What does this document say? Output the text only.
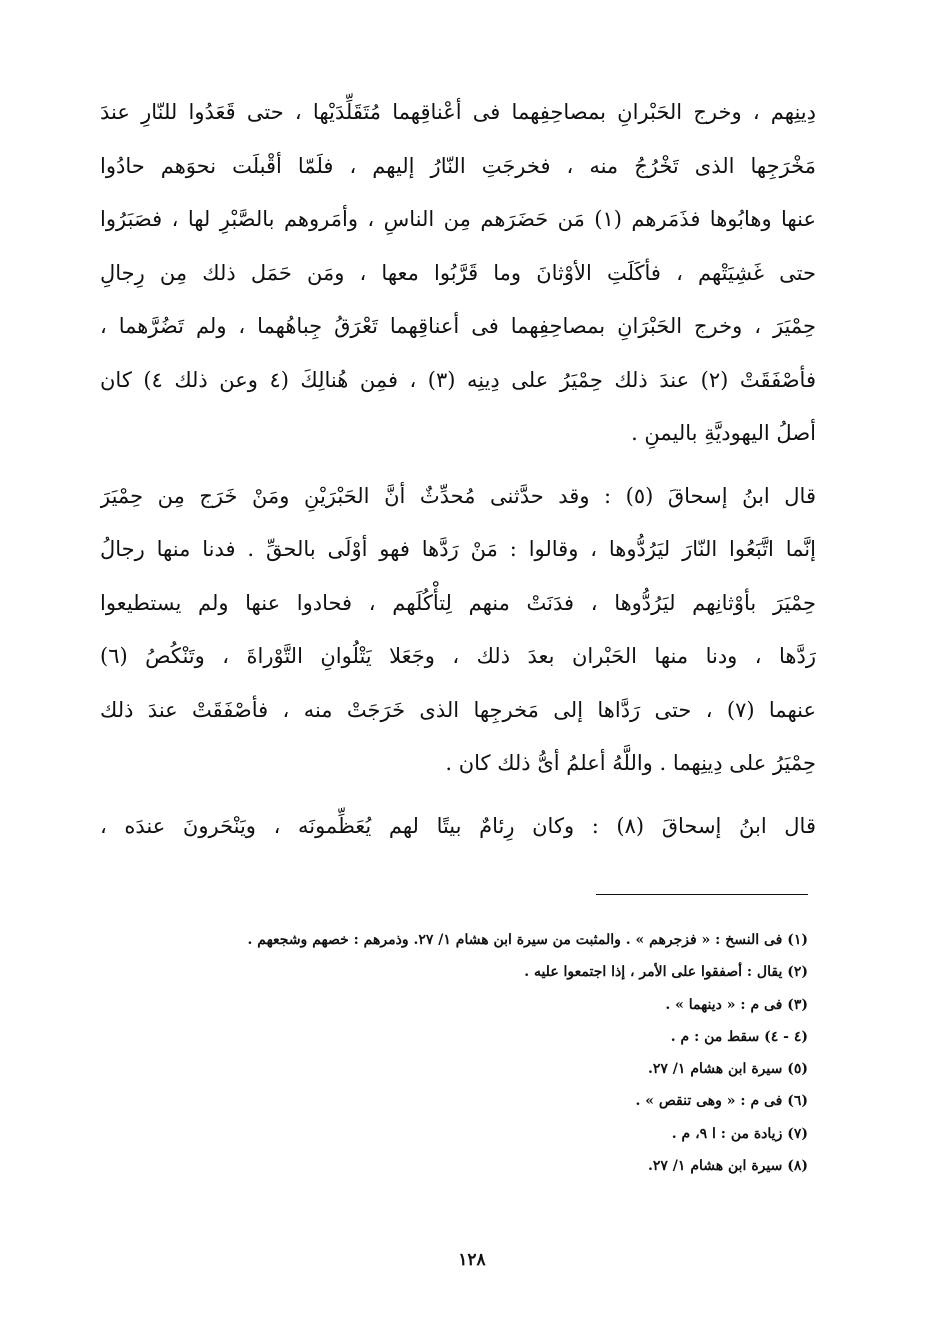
دِينِهم ، وخرج الحَبْرانِ بمصاحِفِهما فى أعْناقِهما مُتَقَلِّدَيْها ، حتى قَعَدُوا للنّارِ عندَ
مَخْرَجِها الذى تَخْرُجُ منه ، فخرجَتِ النّارُ إليهم ، فلَمّا أقْبلَت نحوَهم حادُوا
عنها وهابُوها فذَمَرهم (١) مَن حَضَرَهم مِن الناسِ ، وأمَروهم بالصَّبْرِ لها ، فصَبَرُوا
حتى غَشِيَتْهم ، فأكَلَتِ الأوْثانَ وما قَرَّبُوا معها ، ومَن حَمَل ذلك مِن رِجالِ
حِمْيَرَ ، وخرج الحَبْرَانِ بمصاحِفِهما فى أعناقِهما تَعْرَقُ جِباهُهما ، ولم تَضُرَّهما ،
فأصْفَقَتْ (٢) عندَ ذلك حِمْيَرُ على دِينِه (٣) ، فمِن هُنالِكَ (٤ وعن ذلك ٤) كان
أصلُ اليهوديَّةِ باليمنِ .
قال ابنُ إسحاقَ (٥) : وقد حدَّثنى مُحدِّثٌ أنَّ الحَبْرَيْنِ ومَنْ خَرَج مِن حِمْيَرَ
إنَّما اتَّبَعُوا النّارَ ليَرُدُّوها ، وقالوا : مَنْ رَدَّها فهو أوْلَى بالحقِّ . فدنا منها رجالُ
حِمْيَرَ بأوْثانِهم ليَرُدُّوها ، فدَنَتْ منهم لِتأْكُلَهم ، فحادوا عنها ولم يستطيعوا
رَدَّها ، ودنا منها الحَبْران بعدَ ذلك ، وجَعَلا يَتْلُوانِ التَّوْراةَ ، وتَنْكُصُ (٦)
عنهما (٧) ، حتى رَدَّاها إلى مَخرجِها الذى خَرَجَتْ منه ، فأصْفَقَتْ عندَ ذلك
حِمْيَرُ على دِينِهما . واللَّهُ أعلمُ أىُّ ذلك كان .
قال ابنُ إسحاقَ (٨) : وكان رِئامٌ بيتًا لهم يُعَظِّمونَه ، ويَنْحَرونَ عندَه ،
(١) فى النسخ : « فزجرهم » . والمثبت من سيرة ابن هشام ١/ ٢٧. وذمرهم : خصهم وشجعهم .
(٢) يقال : أصفقوا على الأمر ، إذا اجتمعوا عليه .
(٣) فى م : « دينهما » .
(٤ - ٤) سقط من : م .
(٥) سيرة ابن هشام ١/ ٢٧.
(٦) فى م : « وهى تنقص » .
(٧) زيادة من : ا ٩، م .
(٨) سيرة ابن هشام ١/ ٢٧.
١٢٨
